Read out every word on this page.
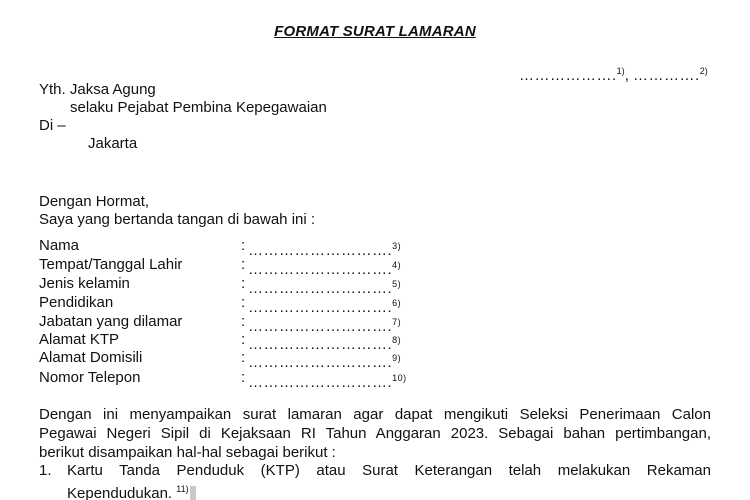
FORMAT SURAT LAMARAN
……………….$^{1)}$, ………….$^{2)}$
Yth. Jaksa Agung
selaku Pejabat Pembina Kepegawaian
Di –
Jakarta
Dengan Hormat,
Saya yang bertanda tangan di bawah ini :
Nama	: ……………………….$^{3)}$
Tempat/Tanggal Lahir	: ……………………….$^{4)}$
Jenis kelamin	: ……………………….$^{5)}$
Pendidikan	: ……………………….$^{6)}$
Jabatan yang dilamar	: ……………………….$^{7)}$
Alamat KTP	: ……………………….$^{8)}$
Alamat Domisili	: ……………………….$^{9)}$
Nomor Telepon	: ……………………….$^{10)}$
Dengan ini menyampaikan surat lamaran agar dapat mengikuti Seleksi Penerimaan Calon
Pegawai Negeri Sipil di Kejaksaan RI Tahun Anggaran 2023. Sebagai bahan pertimbangan,
berikut disampaikan hal-hal sebagai berikut :
1. Kartu Tanda Penduduk (KTP) atau Surat Keterangan telah melakukan Rekaman
Kependudukan. $^{11)}$
